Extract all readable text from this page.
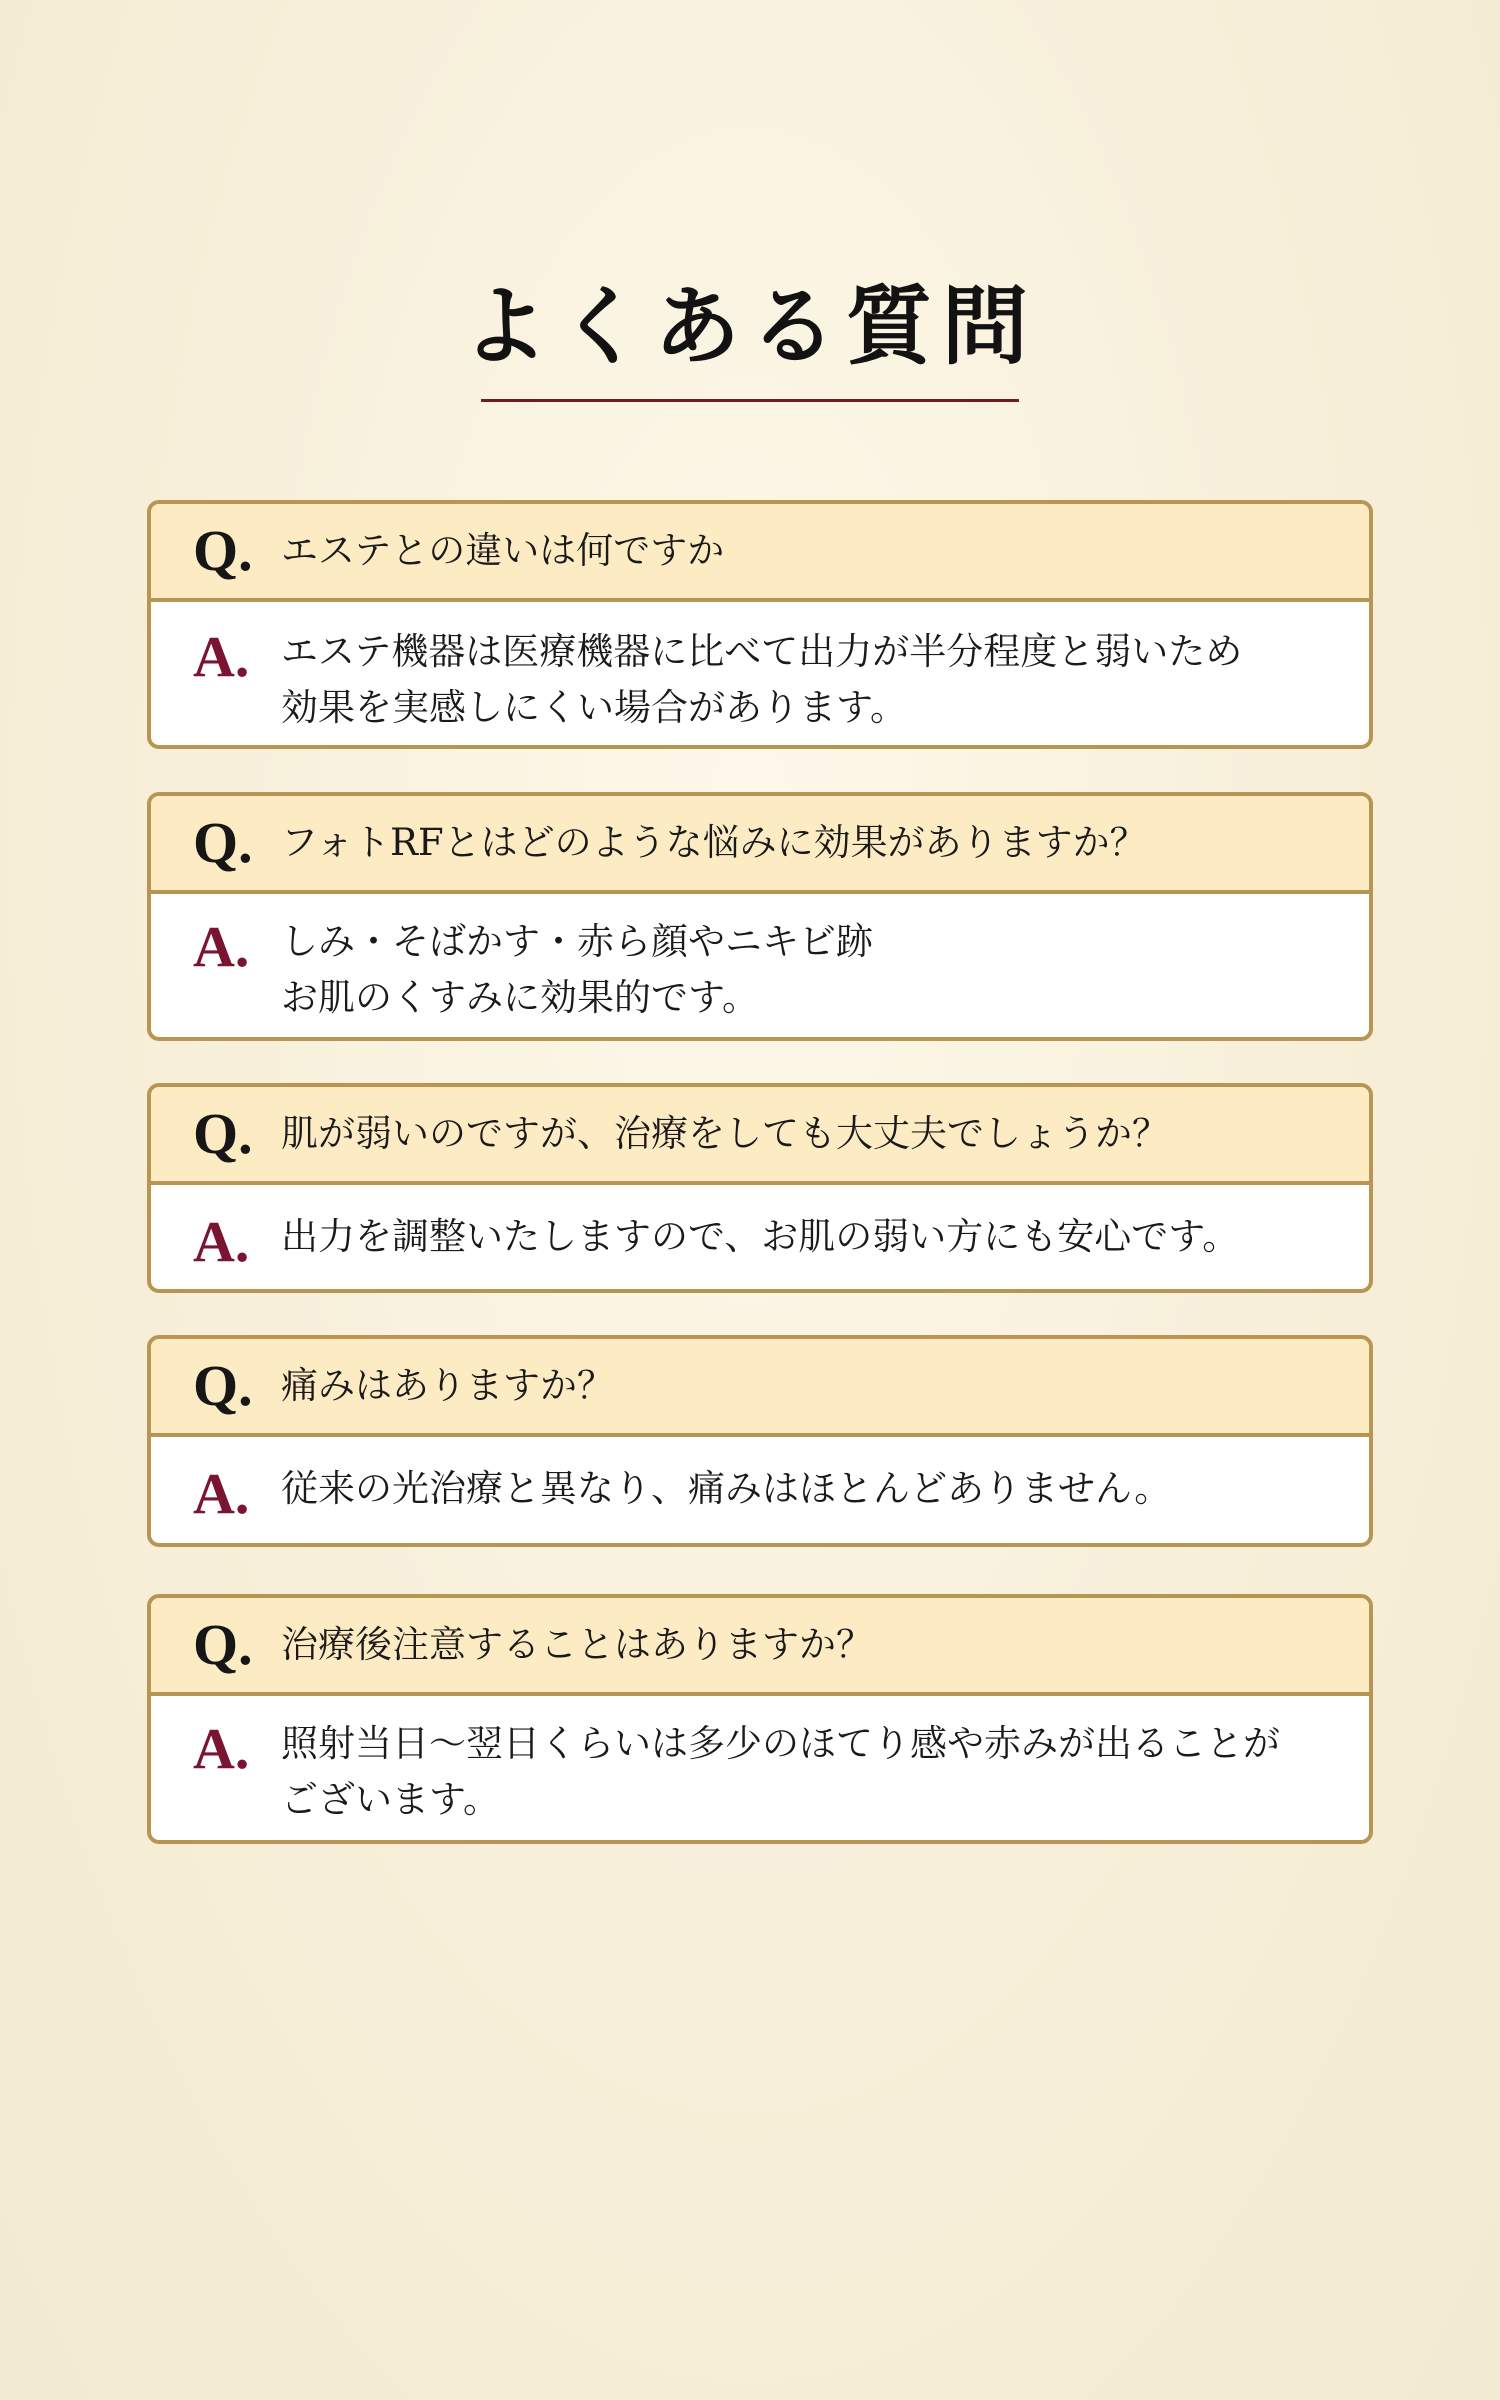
よくある質問
Q. エステとの違いは何ですか
A. エステ機器は医療機器に比べて出力が半分程度と弱いため
効果を実感しにくい場合があります。
Q. フォトRFとはどのような悩みに効果がありますか？
A. しみ・そばかす・赤ら顔やニキビ跡
お肌のくすみに効果的です。
Q. 肌が弱いのですが、治療をしても大丈夫でしょうか？
A. 出力を調整いたしますので、お肌の弱い方にも安心です。
Q. 痛みはありますか？
A. 従来の光治療と異なり、痛みはほとんどありません。
Q. 治療後注意することはありますか？
A. 照射当日〜翌日くらいは多少のほてり感や赤みが出ることが
ございます。
